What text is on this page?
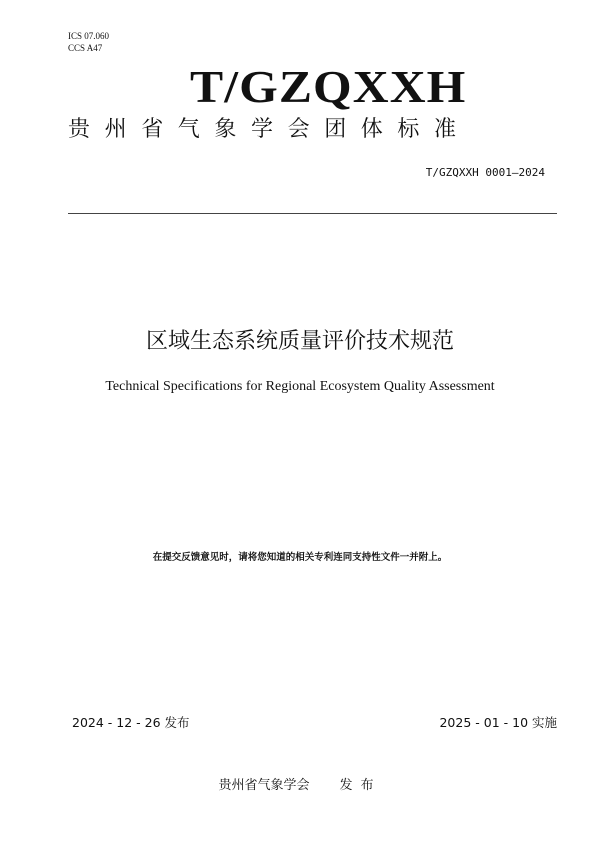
ICS 07.060
CCS A47
T/GZQXXH
贵州省气象学会团体标准
T/GZQXXH 0001—2024
区域生态系统质量评价技术规范
Technical Specifications for Regional Ecosystem Quality Assessment
在提交反馈意见时，请将您知道的相关专利连同支持性文件一并附上。
2024 - 12 - 26 发布	2025 - 01 - 10 实施
贵州省气象学会 发布
